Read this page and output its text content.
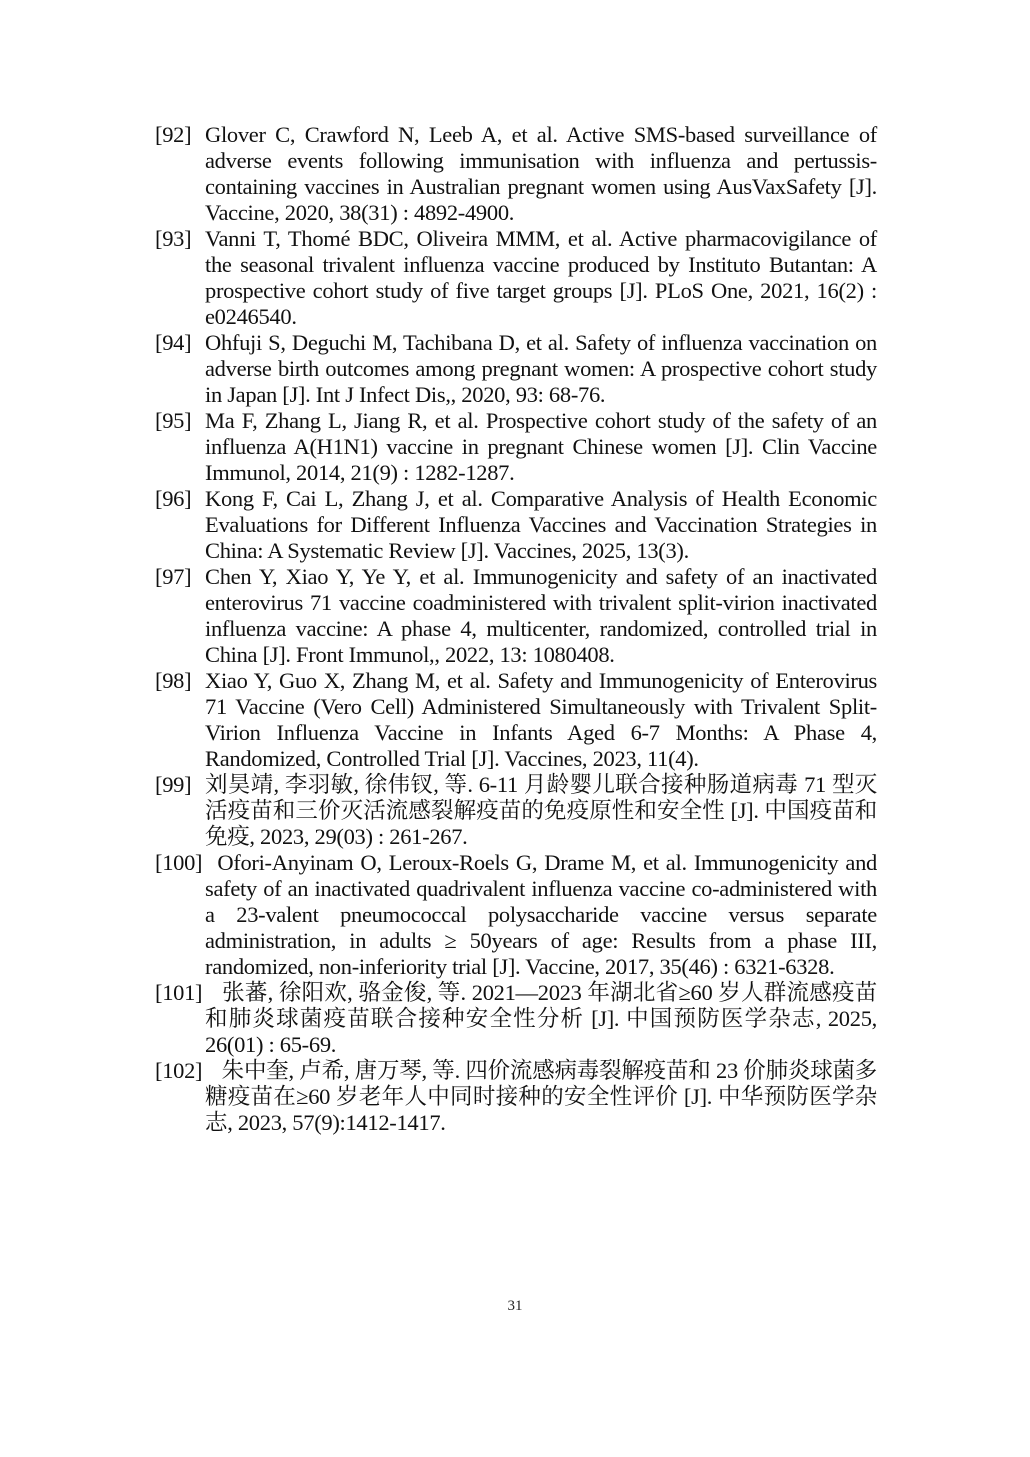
[92] Glover C, Crawford N, Leeb A, et al. Active SMS-based surveillance of adverse events following immunisation with influenza and pertussis-containing vaccines in Australian pregnant women using AusVaxSafety [J]. Vaccine, 2020, 38(31) : 4892-4900.
[93] Vanni T, Thomé BDC, Oliveira MMM, et al. Active pharmacovigilance of the seasonal trivalent influenza vaccine produced by Instituto Butantan: A prospective cohort study of five target groups [J]. PLoS One, 2021, 16(2) : e0246540.
[94] Ohfuji S, Deguchi M, Tachibana D, et al. Safety of influenza vaccination on adverse birth outcomes among pregnant women: A prospective cohort study in Japan [J]. Int J Infect Dis,, 2020, 93: 68-76.
[95] Ma F, Zhang L, Jiang R, et al. Prospective cohort study of the safety of an influenza A(H1N1) vaccine in pregnant Chinese women [J]. Clin Vaccine Immunol, 2014, 21(9) : 1282-1287.
[96] Kong F, Cai L, Zhang J, et al. Comparative Analysis of Health Economic Evaluations for Different Influenza Vaccines and Vaccination Strategies in China: A Systematic Review [J]. Vaccines, 2025, 13(3).
[97] Chen Y, Xiao Y, Ye Y, et al. Immunogenicity and safety of an inactivated enterovirus 71 vaccine coadministered with trivalent split-virion inactivated influenza vaccine: A phase 4, multicenter, randomized, controlled trial in China [J]. Front Immunol,, 2022, 13: 1080408.
[98] Xiao Y, Guo X, Zhang M, et al. Safety and Immunogenicity of Enterovirus 71 Vaccine (Vero Cell) Administered Simultaneously with Trivalent Split-Virion Influenza Vaccine in Infants Aged 6-7 Months: A Phase 4, Randomized, Controlled Trial [J]. Vaccines, 2023, 11(4).
[99] 刘昊靖, 李羽敏, 徐伟钗, 等. 6-11 月龄婴儿联合接种肠道病毒 71 型灭活疫苗和三价灭活流感裂解疫苗的免疫原性和安全性 [J]. 中国疫苗和免疫, 2023, 29(03) : 261-267.
[100] Ofori-Anyinam O, Leroux-Roels G, Drame M, et al. Immunogenicity and safety of an inactivated quadrivalent influenza vaccine co-administered with a 23-valent pneumococcal polysaccharide vaccine versus separate administration, in adults ≥ 50years of age: Results from a phase III, randomized, non-inferiority trial [J]. Vaccine, 2017, 35(46) : 6321-6328.
[101] 张蕃, 徐阳欢, 骆金俊, 等. 2021—2023 年湖北省≥60 岁人群流感疫苗和肺炎球菌疫苗联合接种安全性分析 [J]. 中国预防医学杂志, 2025, 26(01) : 65-69.
[102] 朱中奎, 卢希, 唐万琴, 等. 四价流感病毒裂解疫苗和 23 价肺炎球菌多糖疫苗在≥60 岁老年人中同时接种的安全性评价 [J]. 中华预防医学杂志, 2023, 57(9):1412-1417.
31
